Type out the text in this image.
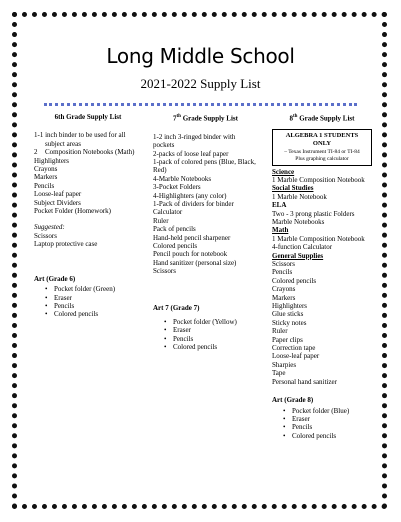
Long Middle School
2021-2022 Supply List
6th Grade Supply List
1-1 inch binder to be used for all subject areas
2 Composition Notebooks (Math)
Highlighters
Crayons
Markers
Pencils
Loose-leaf paper
Subject Dividers
Pocket Folder (Homework)
Suggested:
Scissors
Laptop protective case
Art (Grade 6)
• Pocket folder (Green)
• Eraser
• Pencils
• Colored pencils
7th Grade Supply List
1-2 inch 3-ringed binder with pockets
2-packs of loose leaf paper
1-pack of colored pens (Blue, Black, Red)
4-Marble Notebooks
3-Pocket Folders
4-Highlighters (any color)
1-Pack of dividers for binder
Calculator
Ruler
Pack of pencils
Hand-held pencil sharpener
Colored pencils
Pencil pouch for notebook
Hand sanitizer (personal size)
Scissors
Art 7 (Grade 7)
• Pocket folder (Yellow)
• Eraser
• Pencils
• Colored pencils
8th Grade Supply List
ALGEBRA 1 STUDENTS ONLY
– Texas Instrument TI-84 or TI-84
Plus graphing calculator
Science
1 Marble Composition Notebook
Social Studies
1 Marble Notebook
ELA
Two - 3 prong plastic Folders
Marble Notebooks
Math
1 Marble Composition Notebook
4-function Calculator
General Supplies
Scissors
Pencils
Colored pencils
Crayons
Markers
Highlighters
Glue sticks
Sticky notes
Ruler
Paper clips
Correction tape
Loose-leaf paper
Sharpies
Tape
Personal hand sanitizer
Art (Grade 8)
• Pocket folder (Blue)
• Eraser
• Pencils
• Colored pencils
